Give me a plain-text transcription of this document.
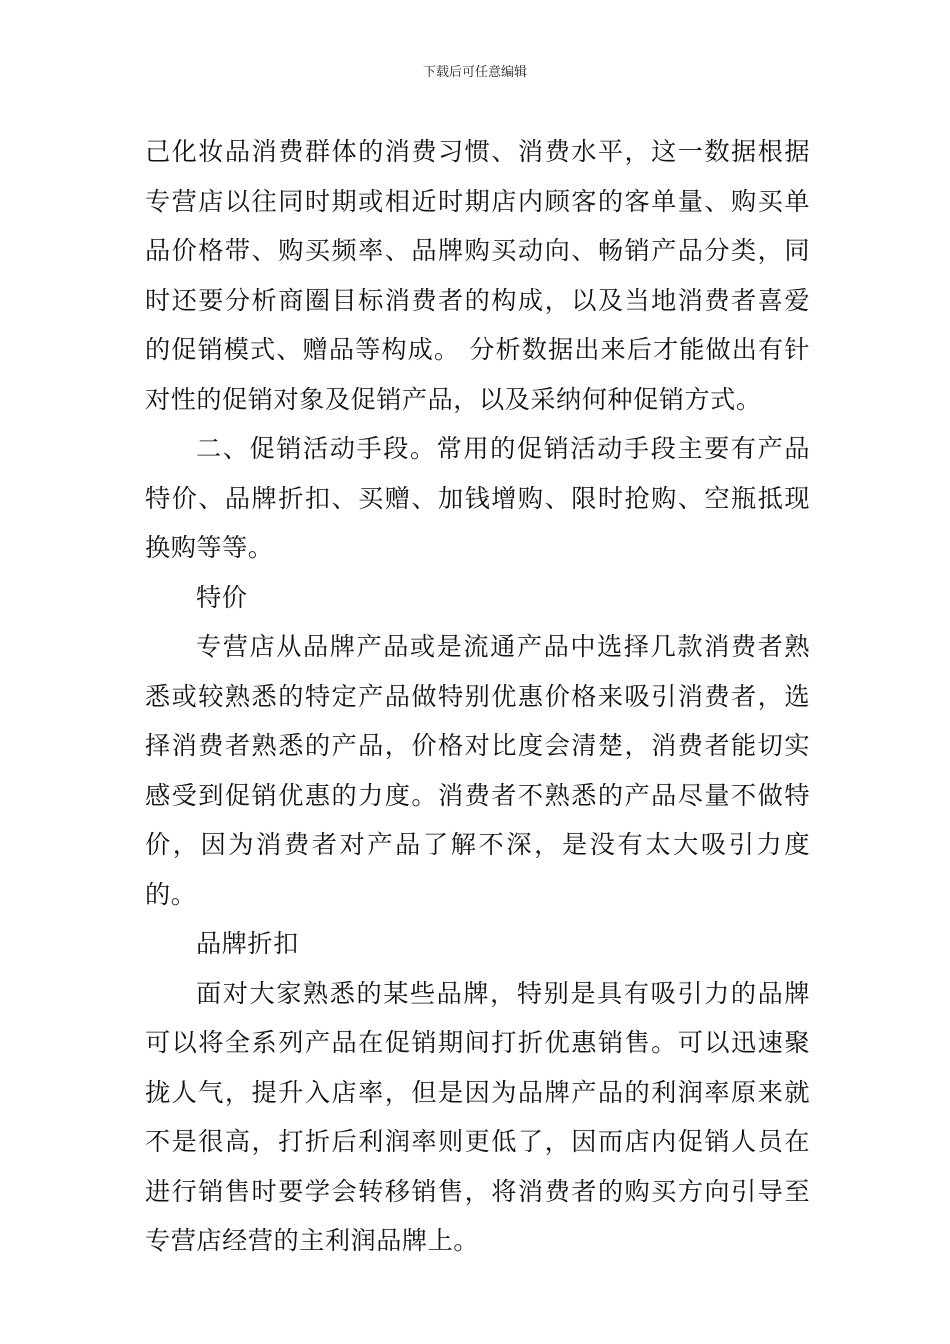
下载后可任意编辑

己化妆品消费群体的消费习惯、消费水平，这一数据根据专营店以往同时期或相近时期店内顾客的客单量、购买单品价格带、购买频率、品牌购买动向、畅销产品分类，同时还要分析商圈目标消费者的构成，以及当地消费者喜爱的促销模式、赠品等构成。 分析数据出来后才能做出有针对性的促销对象及促销产品，以及采纳何种促销方式。

二、促销活动手段。常用的促销活动手段主要有产品特价、品牌折扣、买赠、加钱增购、限时抢购、空瓶抵现换购等等。

特价

专营店从品牌产品或是流通产品中选择几款消费者熟悉或较熟悉的特定产品做特别优惠价格来吸引消费者，选择消费者熟悉的产品，价格对比度会清楚，消费者能切实感受到促销优惠的力度。消费者不熟悉的产品尽量不做特价，因为消费者对产品了解不深，是没有太大吸引力度的。

品牌折扣

面对大家熟悉的某些品牌，特别是具有吸引力的品牌可以将全系列产品在促销期间打折优惠销售。可以迅速聚拢人气，提升入店率，但是因为品牌产品的利润率原来就不是很高，打折后利润率则更低了，因而店内促销人员在进行销售时要学会转移销售，将消费者的购买方向引导至专营店经营的主利润品牌上。
